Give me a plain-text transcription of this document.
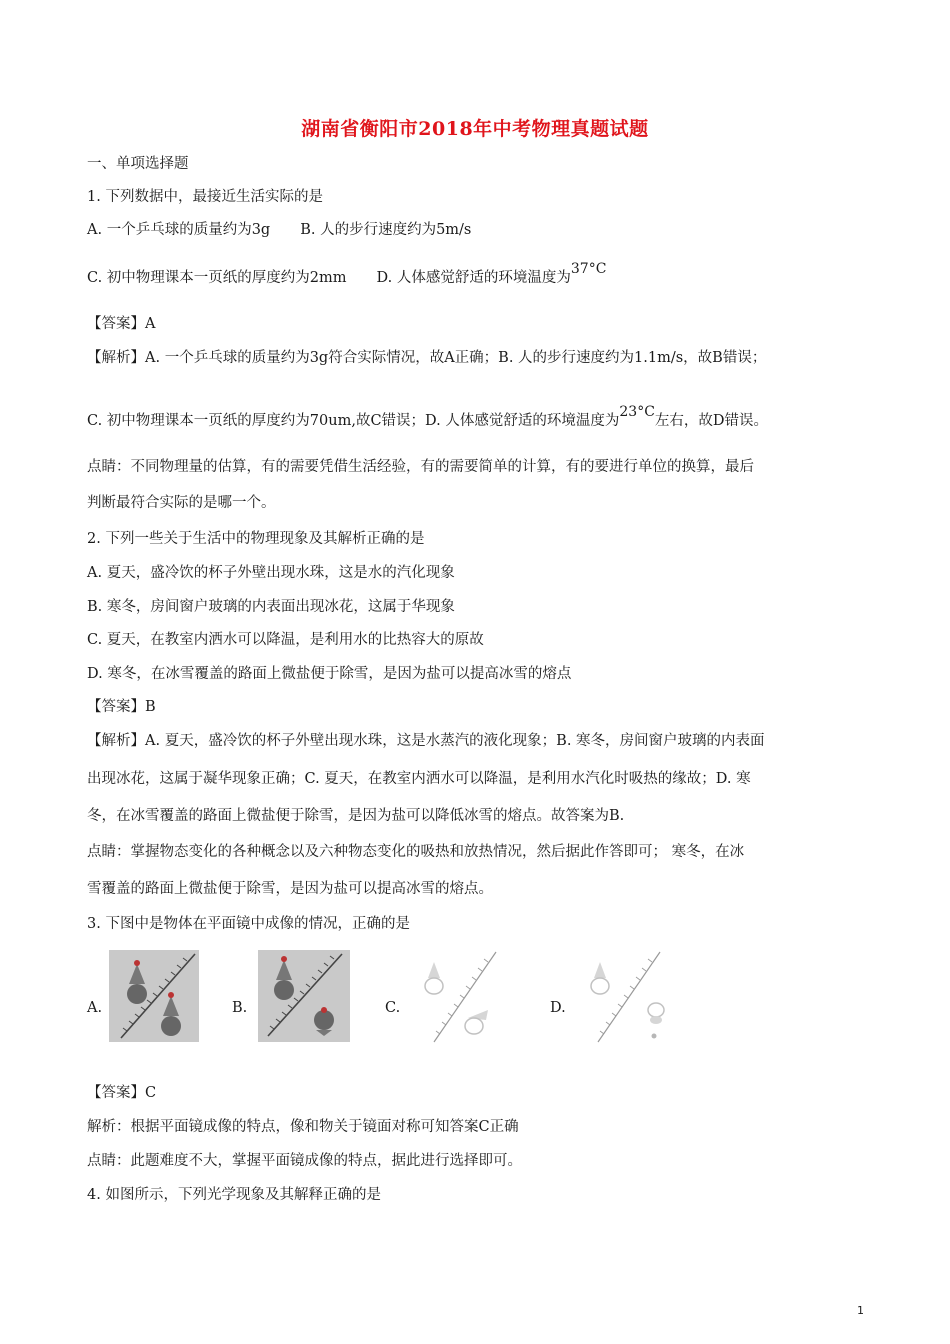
湖南省衡阳市2018年中考物理真题试题
一、单项选择题
1. 下列数据中，最接近生活实际的是
A. 一个乒乓球的质量约为3g B. 人的步行速度约为5m/s
C. 初中物理课本一页纸的厚度约为2mm D. 人体感觉舒适的环境温度为37°C
【答案】A
【解析】A. 一个乒乓球的质量约为3g符合实际情况，故A正确；B. 人的步行速度约为1.1m/s，故B错误；
C. 初中物理课本一页纸的厚度约为70um,故C错误；D. 人体感觉舒适的环境温度为23°C左右，故D错误。
点睛：不同物理量的估算，有的需要凭借生活经验，有的需要简单的计算，有的要进行单位的换算，最后
判断最符合实际的是哪一个。
2. 下列一些关于生活中的物理现象及其解析正确的是
A. 夏天，盛冷饮的杯子外壁出现水珠，这是水的汽化现象
B. 寒冬，房间窗户玻璃的内表面出现冰花，这属于华现象
C. 夏天，在教室内洒水可以降温，是利用水的比热容大的原故
D. 寒冬，在冰雪覆盖的路面上微盐便于除雪，是因为盐可以提高冰雪的熔点
【答案】B
【解析】A. 夏天，盛冷饮的杯子外壁出现水珠，这是水蒸汽的液化现象；B. 寒冬，房间窗户玻璃的内表面
出现冰花，这属于凝华现象正确；C. 夏天，在教室内洒水可以降温，是利用水汽化时吸热的缘故；D. 寒
冬，在冰雪覆盖的路面上微盐便于除雪，是因为盐可以降低冰雪的熔点。故答案为B.
点睛：掌握物态变化的各种概念以及六种物态变化的吸热和放热情况，然后据此作答即可； 寒冬，在冰
雪覆盖的路面上微盐便于除雪，是因为盐可以提高冰雪的熔点。
3. 下图中是物体在平面镜中成像的情况，正确的是
A.	B.	C.	D.
【答案】C
解析：根据平面镜成像的特点，像和物关于镜面对称可知答案C正确
点睛：此题难度不大，掌握平面镜成像的特点，据此进行选择即可。
4. 如图所示，下列光学现象及其解释正确的是
1
